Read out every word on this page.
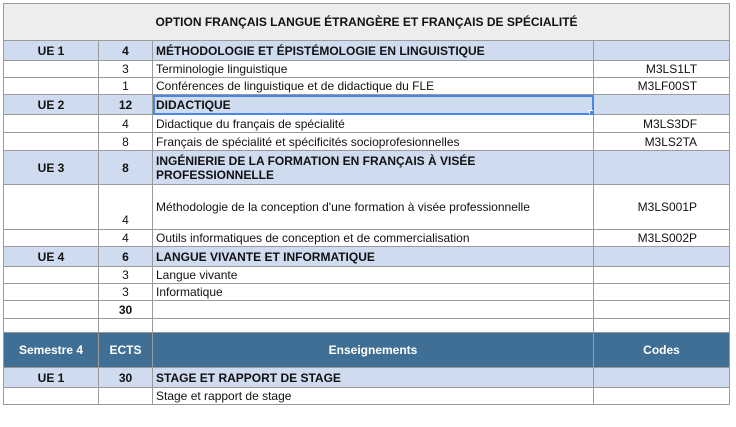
OPTION FRANÇAIS LANGUE ÉTRANGÈRE ET FRANÇAIS DE SPÉCIALITÉ			
UE 1	4	MÉTHODOLOGIE ET ÉPISTÉMOLOGIE EN LINGUISTIQUE	
	3	Terminologie linguistique	M3LS1LT
	1	Conférences de linguistique et de didactique du FLE	M3LF00ST
UE 2	12	DIDACTIQUE

	4	Didactique du français de spécialité	M3LS3DF
	8	Français de spécialité et spécificités socioprofesionnelles	M3LS2TA
UE 3	8	INGÉNIERIE DE LA FORMATION EN FRANÇAIS À VISÉE PROFESSIONNELLE	
	4	Méthodologie de la conception d'une formation à visée professionnelle	M3LS001P
	4	Outils informatiques de conception et de commercialisation	M3LS002P
UE 4	6	LANGUE VIVANTE ET INFORMATIQUE	
	3	Langue vivante	
	3	Informatique	
	30		

Semestre 4	ECTS	Enseignements	Codes
UE 1	30	STAGE ET RAPPORT DE STAGE	
		Stage et rapport de stage	
